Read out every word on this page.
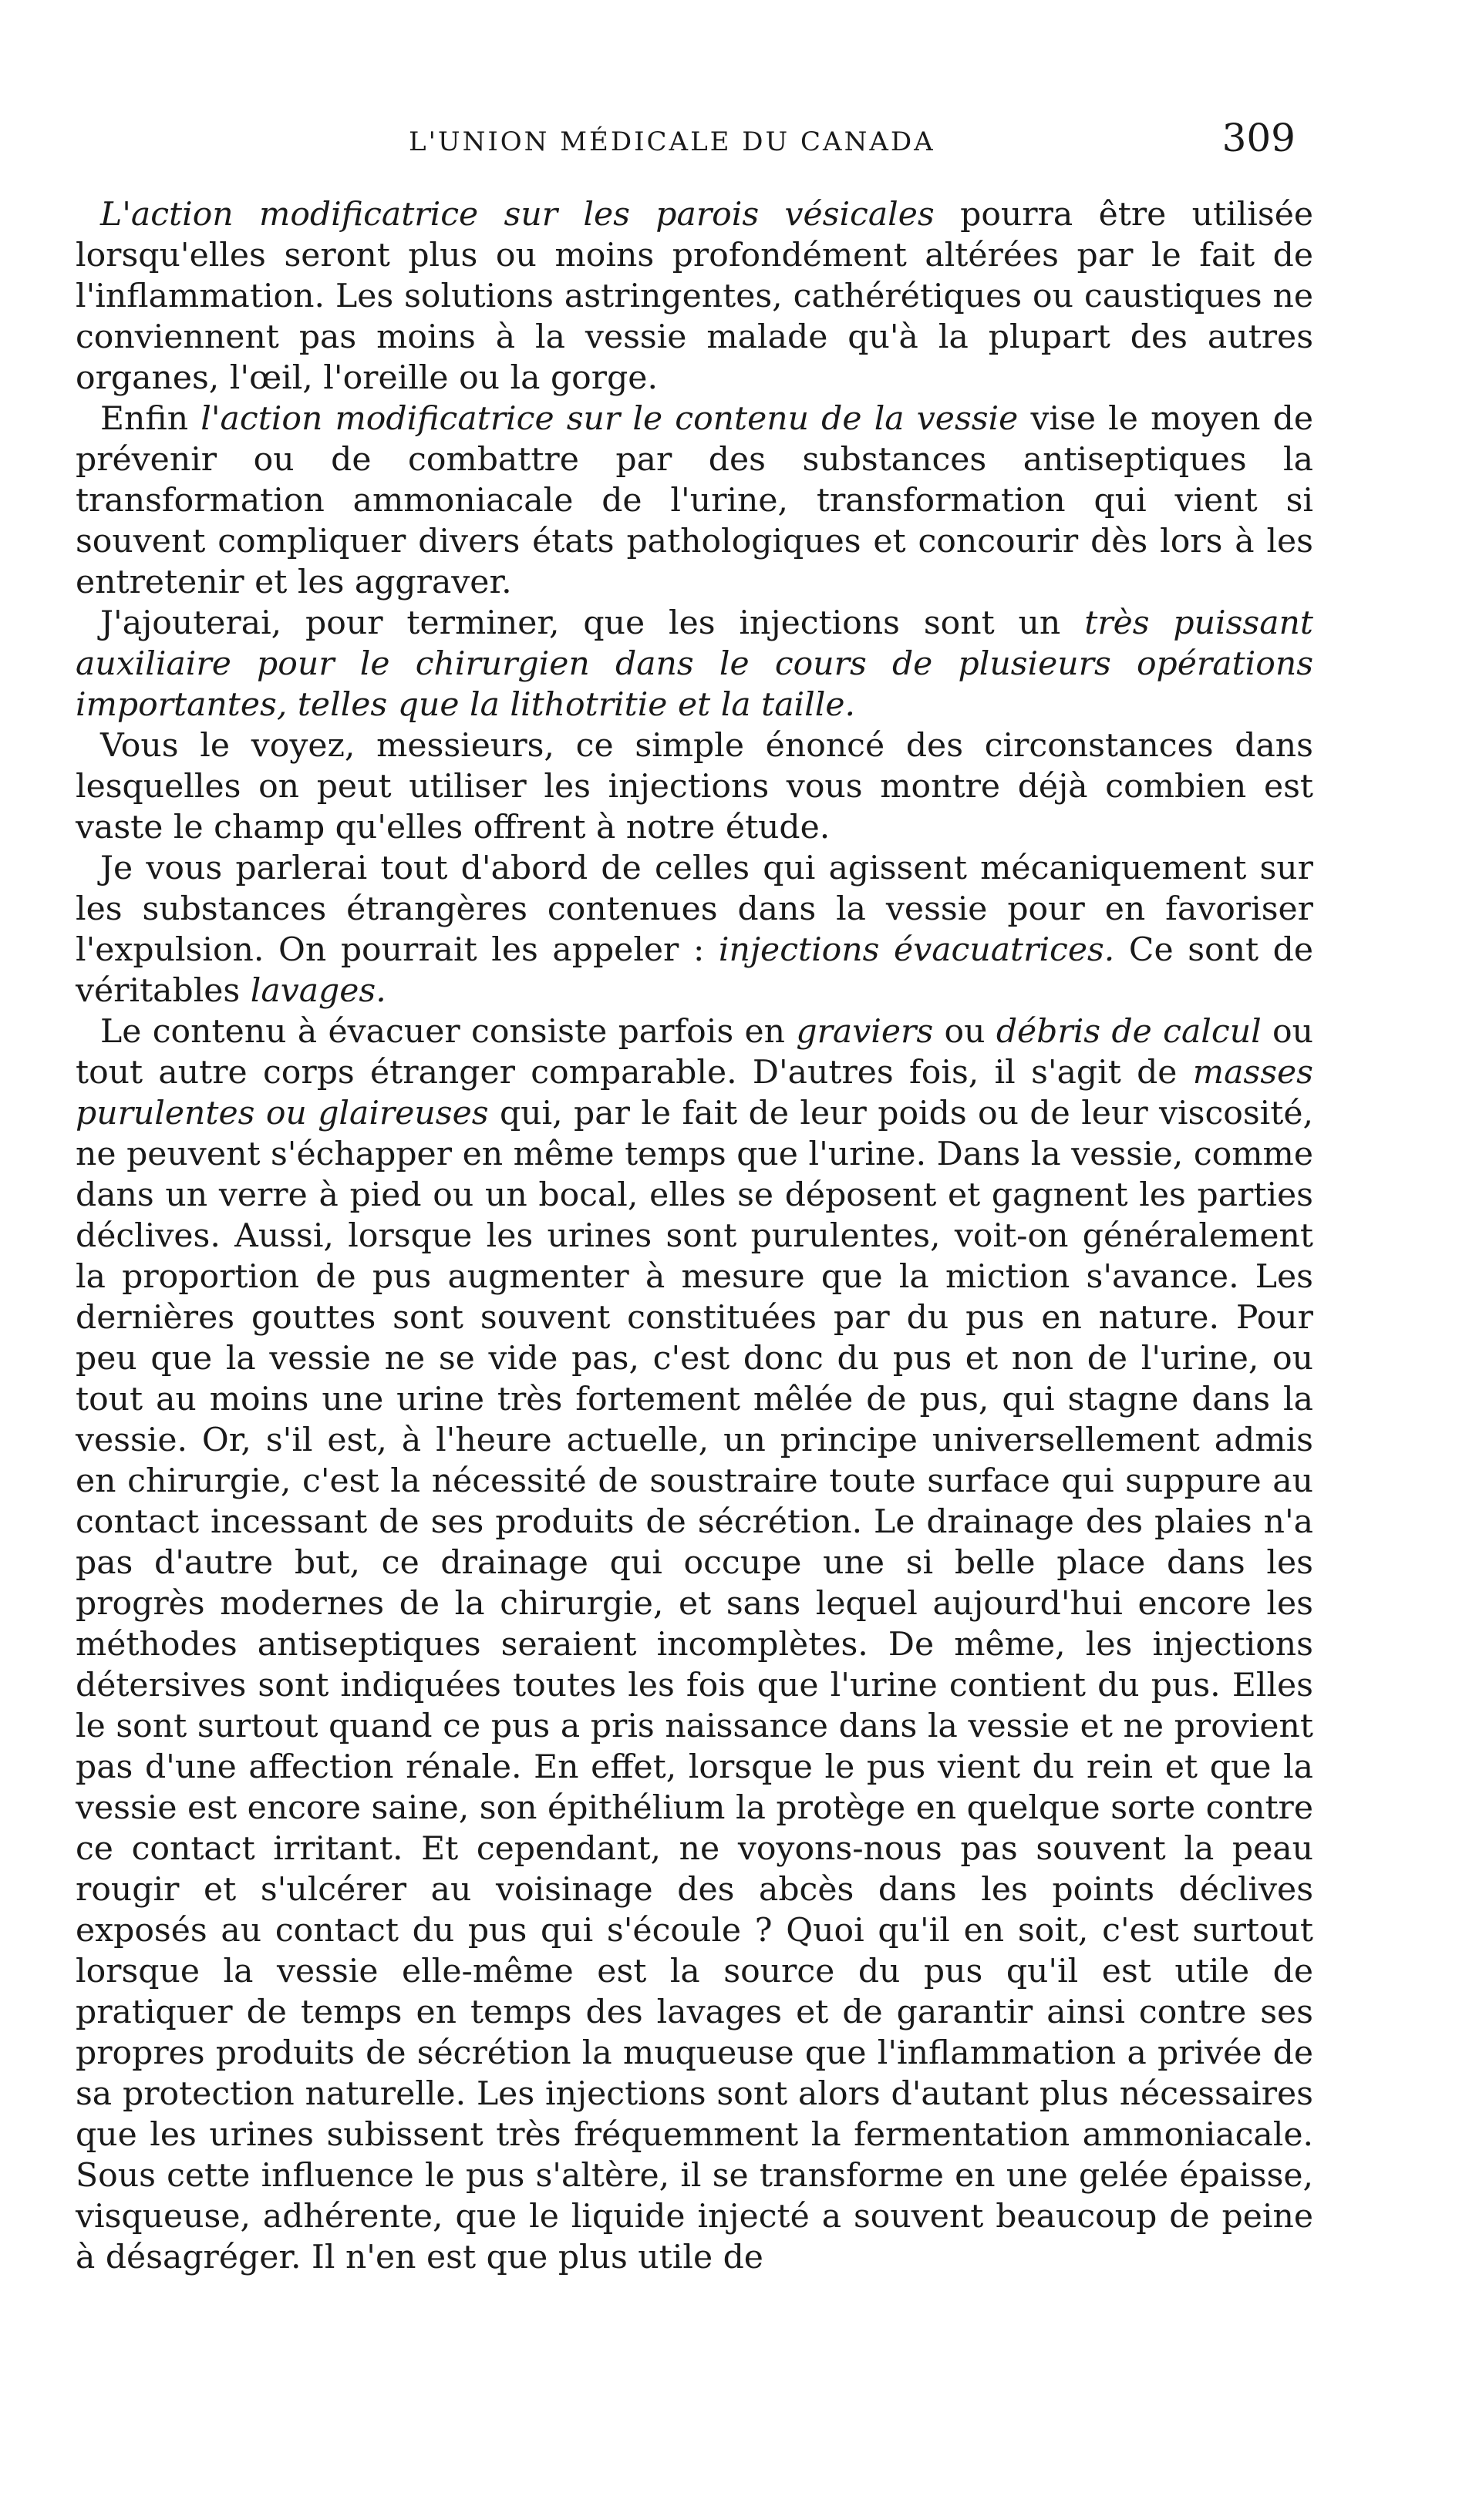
L'UNION MÉDICALE DU CANADA	309

L'action modificatrice sur les parois vésicales pourra être utilisée lorsqu'elles seront plus ou moins profondément altérées par le fait de l'inflammation. Les solutions astringentes, cathérétiques ou caustiques ne conviennent pas moins à la vessie malade qu'à la plupart des autres organes, l'œil, l'oreille ou la gorge.

Enfin l'action modificatrice sur le contenu de la vessie vise le moyen de prévenir ou de combattre par des substances antiseptiques la transformation ammoniacale de l'urine, transformation qui vient si souvent compliquer divers états pathologiques et concourir dès lors à les entretenir et les aggraver.

J'ajouterai, pour terminer, que les injections sont un très puissant auxiliaire pour le chirurgien dans le cours de plusieurs opérations importantes, telles que la lithotritie et la taille.

Vous le voyez, messieurs, ce simple énoncé des circonstances dans lesquelles on peut utiliser les injections vous montre déjà combien est vaste le champ qu'elles offrent à notre étude.

Je vous parlerai tout d'abord de celles qui agissent mécaniquement sur les substances étrangères contenues dans la vessie pour en favoriser l'expulsion. On pourrait les appeler : injections évacuatrices. Ce sont de véritables lavages.

Le contenu à évacuer consiste parfois en graviers ou débris de calcul ou tout autre corps étranger comparable. D'autres fois, il s'agit de masses purulentes ou glaireuses qui, par le fait de leur poids ou de leur viscosité, ne peuvent s'échapper en même temps que l'urine. Dans la vessie, comme dans un verre à pied ou un bocal, elles se déposent et gagnent les parties déclives. Aussi, lorsque les urines sont purulentes, voit-on généralement la proportion de pus augmenter à mesure que la miction s'avance. Les dernières gouttes sont souvent constituées par du pus en nature. Pour peu que la vessie ne se vide pas, c'est donc du pus et non de l'urine, ou tout au moins une urine très fortement mêlée de pus, qui stagne dans la vessie. Or, s'il est, à l'heure actuelle, un principe universellement admis en chirurgie, c'est la nécessité de soustraire toute surface qui suppure au contact incessant de ses produits de sécrétion. Le drainage des plaies n'a pas d'autre but, ce drainage qui occupe une si belle place dans les progrès modernes de la chirurgie, et sans lequel aujourd'hui encore les méthodes antiseptiques seraient incomplètes. De même, les injections détersives sont indiquées toutes les fois que l'urine contient du pus. Elles le sont surtout quand ce pus a pris naissance dans la vessie et ne provient pas d'une affection rénale. En effet, lorsque le pus vient du rein et que la vessie est encore saine, son épithélium la protège en quelque sorte contre ce contact irritant. Et cependant, ne voyons-nous pas souvent la peau rougir et s'ulcérer au voisinage des abcès dans les points déclives exposés au contact du pus qui s'écoule ? Quoi qu'il en soit, c'est surtout lorsque la vessie elle-même est la source du pus qu'il est utile de pratiquer de temps en temps des lavages et de garantir ainsi contre ses propres produits de sécrétion la muqueuse que l'inflammation a privée de sa protection naturelle. Les injections sont alors d'autant plus nécessaires que les urines subissent très fréquemment la fermentation ammoniacale. Sous cette influence le pus s'altère, il se transforme en une gelée épaisse, visqueuse, adhérente, que le liquide injecté a souvent beaucoup de peine à désagréger. Il n'en est que plus utile de
